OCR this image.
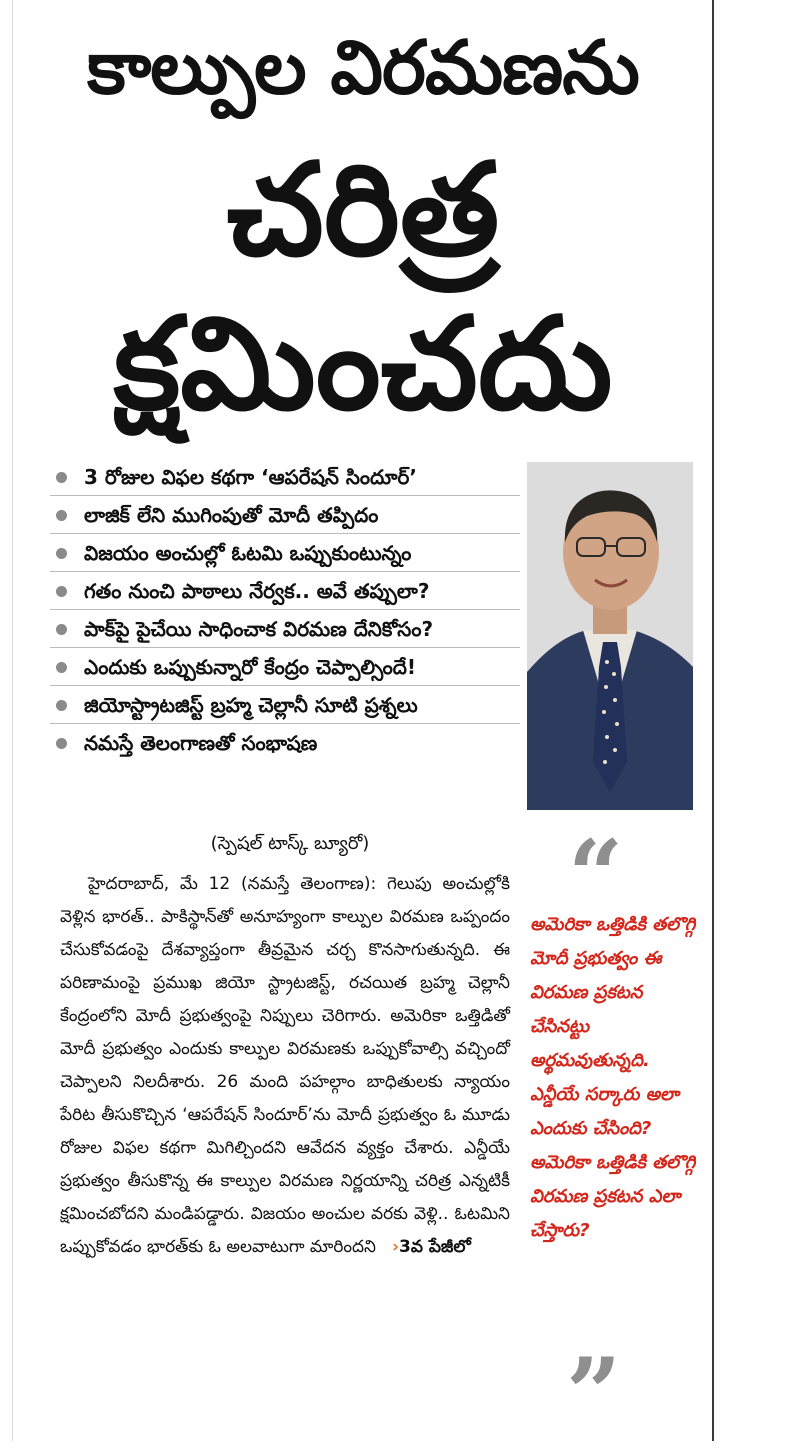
కాల్పుల విరమణను
చరిత్ర
క్షమించదు
3 రోజుల విఫల కథగా ‘ఆపరేషన్ సిందూర్’
లాజిక్ లేని ముగింపుతో మోదీ తప్పిదం
విజయం అంచుల్లో ఓటమి ఒప్పుకుంటున్నం
గతం నుంచి పాఠాలు నేర్వక.. అవే తప్పులా?
పాక్‌పై పైచేయి సాధించాక విరమణ దేనికోసం?
ఎందుకు ఒప్పుకున్నారో కేంద్రం చెప్పాల్సిందే!
జియోస్ట్రాటజిస్ట్ బ్రహ్మ చెల్లానీ సూటి ప్రశ్నలు
నమస్తే తెలంగాణతో సంభాషణ
“
అమెరికా ఒత్తిడికి తలొగ్గి మోదీ ప్రభుత్వం ఈ విరమణ ప్రకటన చేసినట్టు అర్థమవుతున్నది. ఎన్డీయే సర్కారు అలా ఎందుకు చేసింది? అమెరికా ఒత్తిడికి తలొగ్గి విరమణ ప్రకటన ఎలా చేస్తారు?
”
(స్పెషల్ టాస్క్ బ్యూరో)
హైదరాబాద్, మే 12 (నమస్తే తెలంగాణ): గెలుపు అంచుల్లోకి వెళ్లిన భారత్.. పాకిస్థాన్‌తో అనూహ్యంగా కాల్పుల విరమణ ఒప్పందం చేసుకోవడంపై దేశవ్యాప్తంగా తీవ్రమైన చర్చ కొనసాగుతున్నది. ఈ పరిణామంపై ప్రముఖ జియో స్ట్రాటజిస్ట్, రచయిత బ్రహ్మ చెల్లానీ కేంద్రంలోని మోదీ ప్రభుత్వంపై నిప్పులు చెరిగారు. అమెరికా ఒత్తిడితో మోదీ ప్రభుత్వం ఎందుకు కాల్పుల విరమణకు ఒప్పుకోవాల్సి వచ్చిందో చెప్పాలని నిలదీశారు. 26 మంది పహల్గాం బాధితులకు న్యాయం పేరిట తీసుకొచ్చిన ‘ఆపరేషన్ సిందూర్’ను మోదీ ప్రభుత్వం ఓ మూడు రోజుల విఫల కథగా మిగిల్చిందని ఆవేదన వ్యక్తం చేశారు. ఎన్డీయే ప్రభుత్వం తీసుకొన్న ఈ కాల్పుల విరమణ నిర్ణయాన్ని చరిత్ర ఎన్నటికీ క్షమించబోదని మండిపడ్డారు. విజయం అంచుల వరకు వెళ్లి.. ఓటమిని ఒప్పుకోవడం భారత్‌కు ఓ అలవాటుగా మారిందని ›3వ పేజీలో
